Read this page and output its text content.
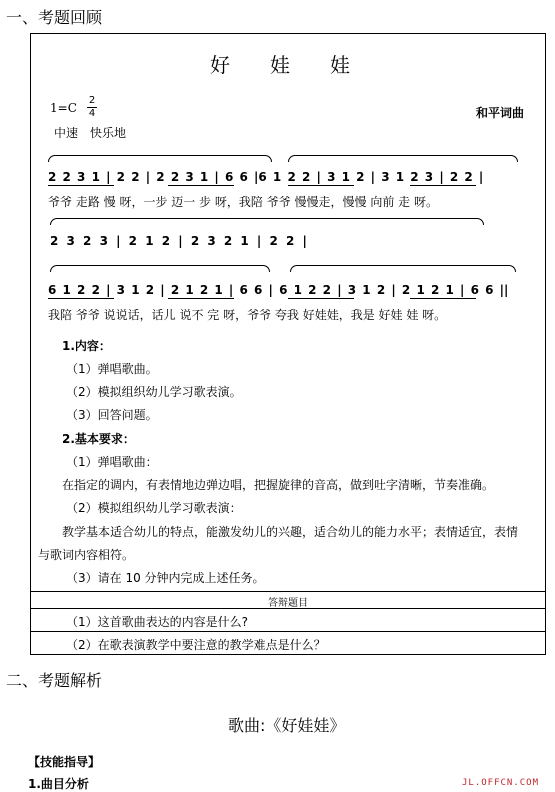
一、考题回顾
好　　娃　　娃
1=C
2
4
中速　快乐地
和平词曲
2 2 3 1 | 2 2 | 2 2 3 1 | 6 6 |6 1 2 2 | 3 1 2 | 3 1 2 3 | 2 2 |
爷爷 走路 慢 呀，一步 迈一 步 呀，我陪 爷爷 慢慢走，慢慢 向前 走 呀。
2 3 2 3 | 2 1 2 | 2 3 2 1 | 2 2 |
6 1 2 2 | 3 1 2 | 2 1 2 1 | 6 6 | 6 1 2 2 | 3 1 2 | 2 1 2 1 | 6 6 ||
我陪 爷爷 说说话，话儿 说不 完 呀，爷爷 夸我 好娃娃，我是 好娃 娃 呀。
1.内容：
（1）弹唱歌曲。
（2）模拟组织幼儿学习歌表演。
（3）回答问题。
2.基本要求：
（1）弹唱歌曲：
在指定的调内，有表情地边弹边唱，把握旋律的音高，做到吐字清晰，节奏准确。
（2）模拟组织幼儿学习歌表演：
教学基本适合幼儿的特点，能激发幼儿的兴趣，适合幼儿的能力水平；表情适宜，表情
与歌词内容相符。
（3）请在 10 分钟内完成上述任务。
答辩题目
（1）这首歌曲表达的内容是什么?
（2）在歌表演教学中要注意的教学难点是什么？
二、考题解析
歌曲:《好娃娃》
【技能指导】
1.曲目分析	JL.OFFCN.COM
